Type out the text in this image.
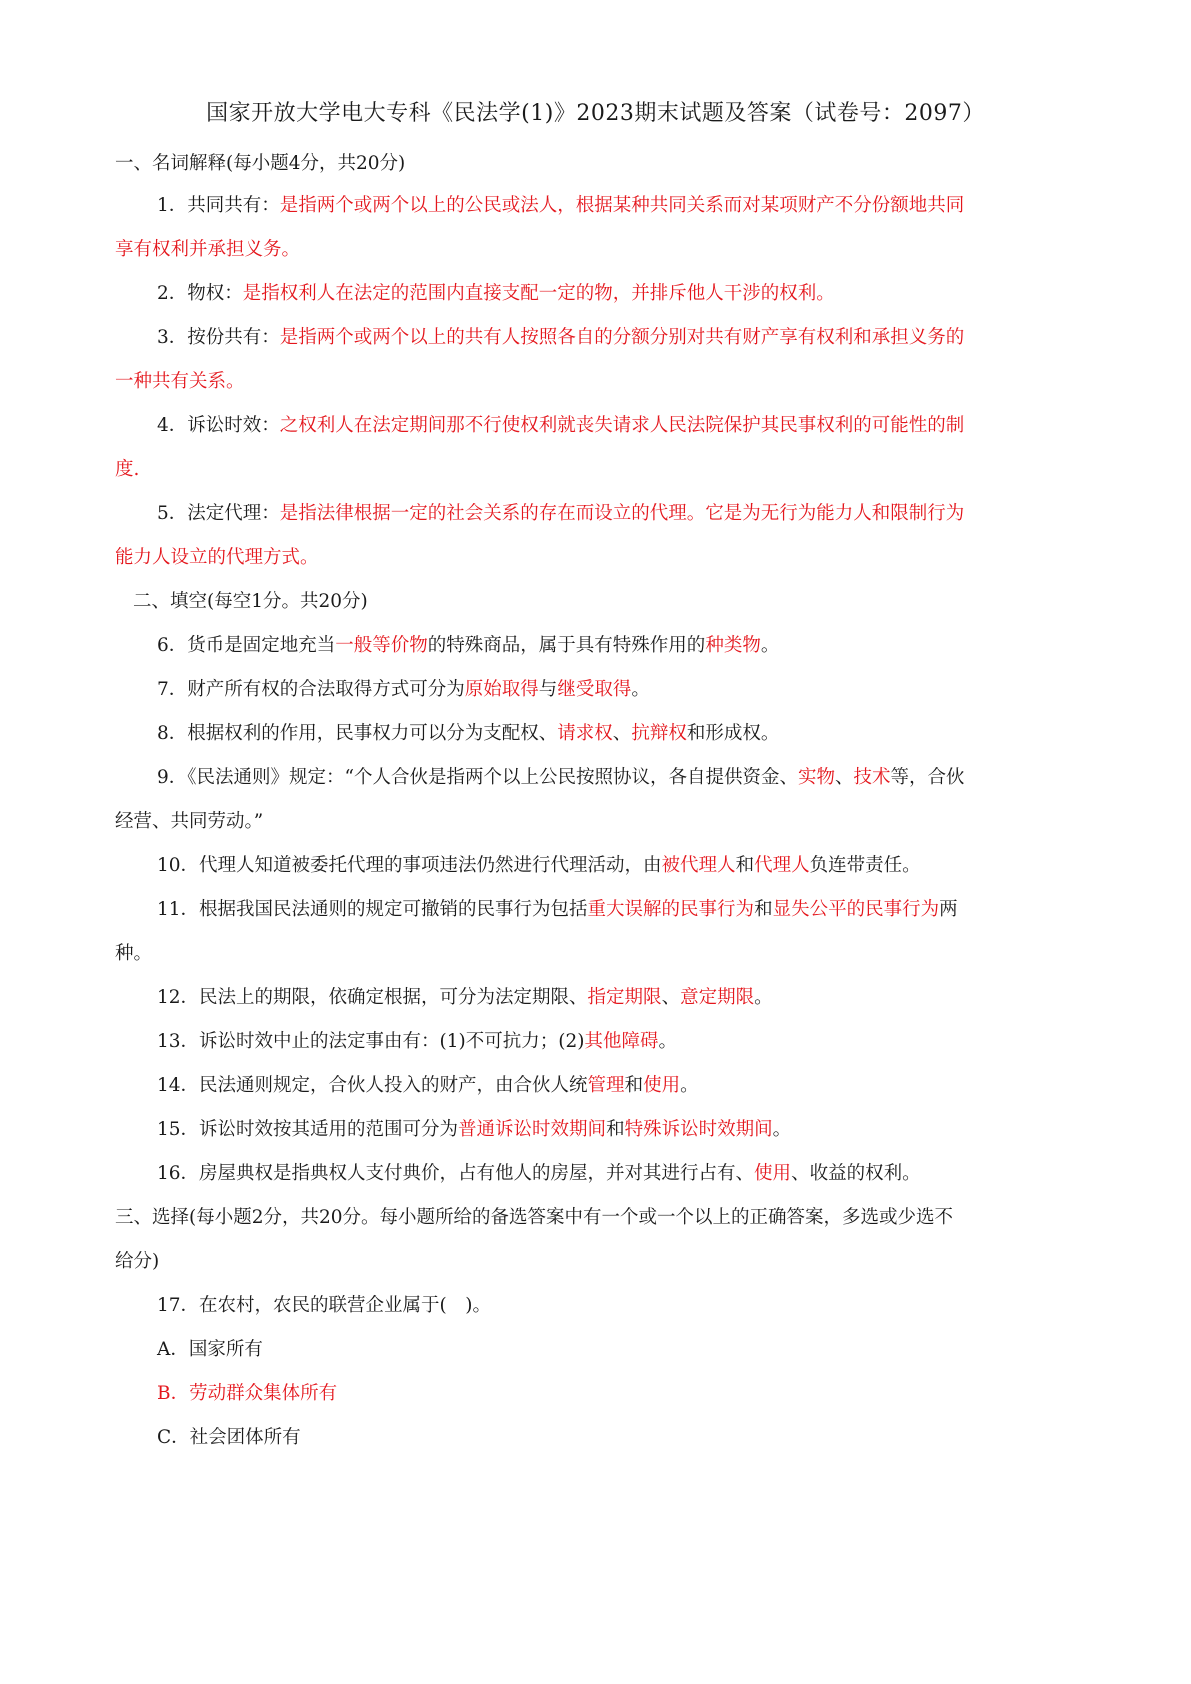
国家开放大学电大专科《民法学(1)》2023期末试题及答案（试卷号：2097）
一、名词解释(每小题4分，共20分)
1．共同共有：是指两个或两个以上的公民或法人，根据某种共同关系而对某项财产不分份额地共同
享有权利并承担义务。
2．物权：是指权利人在法定的范围内直接支配一定的物，并排斥他人干涉的权利。
3．按份共有：是指两个或两个以上的共有人按照各自的分额分别对共有财产享有权利和承担义务的
一种共有关系。
4．诉讼时效：之权利人在法定期间那不行使权利就丧失请求人民法院保护其民事权利的可能性的制
度.
5．法定代理：是指法律根据一定的社会关系的存在而设立的代理。它是为无行为能力人和限制行为
能力人设立的代理方式。
二、填空(每空1分。共20分)
6．货币是固定地充当一般等价物的特殊商品，属于具有特殊作用的种类物。
7．财产所有权的合法取得方式可分为原始取得与继受取得。
8．根据权利的作用，民事权力可以分为支配权、请求权、抗辩权和形成权。
9．《民法通则》规定：“个人合伙是指两个以上公民按照协议，各自提供资金、实物、技术等，合伙
经营、共同劳动。”
10．代理人知道被委托代理的事项违法仍然进行代理活动，由被代理人和代理人负连带责任。
11．根据我国民法通则的规定可撤销的民事行为包括重大误解的民事行为和显失公平的民事行为两
种。
12．民法上的期限，依确定根据，可分为法定期限、指定期限、意定期限。
13．诉讼时效中止的法定事由有：(1)不可抗力；(2)其他障碍。
14．民法通则规定，合伙人投入的财产，由合伙人统管理和使用。
15．诉讼时效按其适用的范围可分为普通诉讼时效期间和特殊诉讼时效期间。
16．房屋典权是指典权人支付典价，占有他人的房屋，并对其进行占有、使用、收益的权利。
三、选择(每小题2分，共20分。每小题所给的备选答案中有一个或一个以上的正确答案，多选或少选不
给分)
17．在农村，农民的联营企业属于(　)。
A．国家所有
B．劳动群众集体所有
C．社会团体所有
